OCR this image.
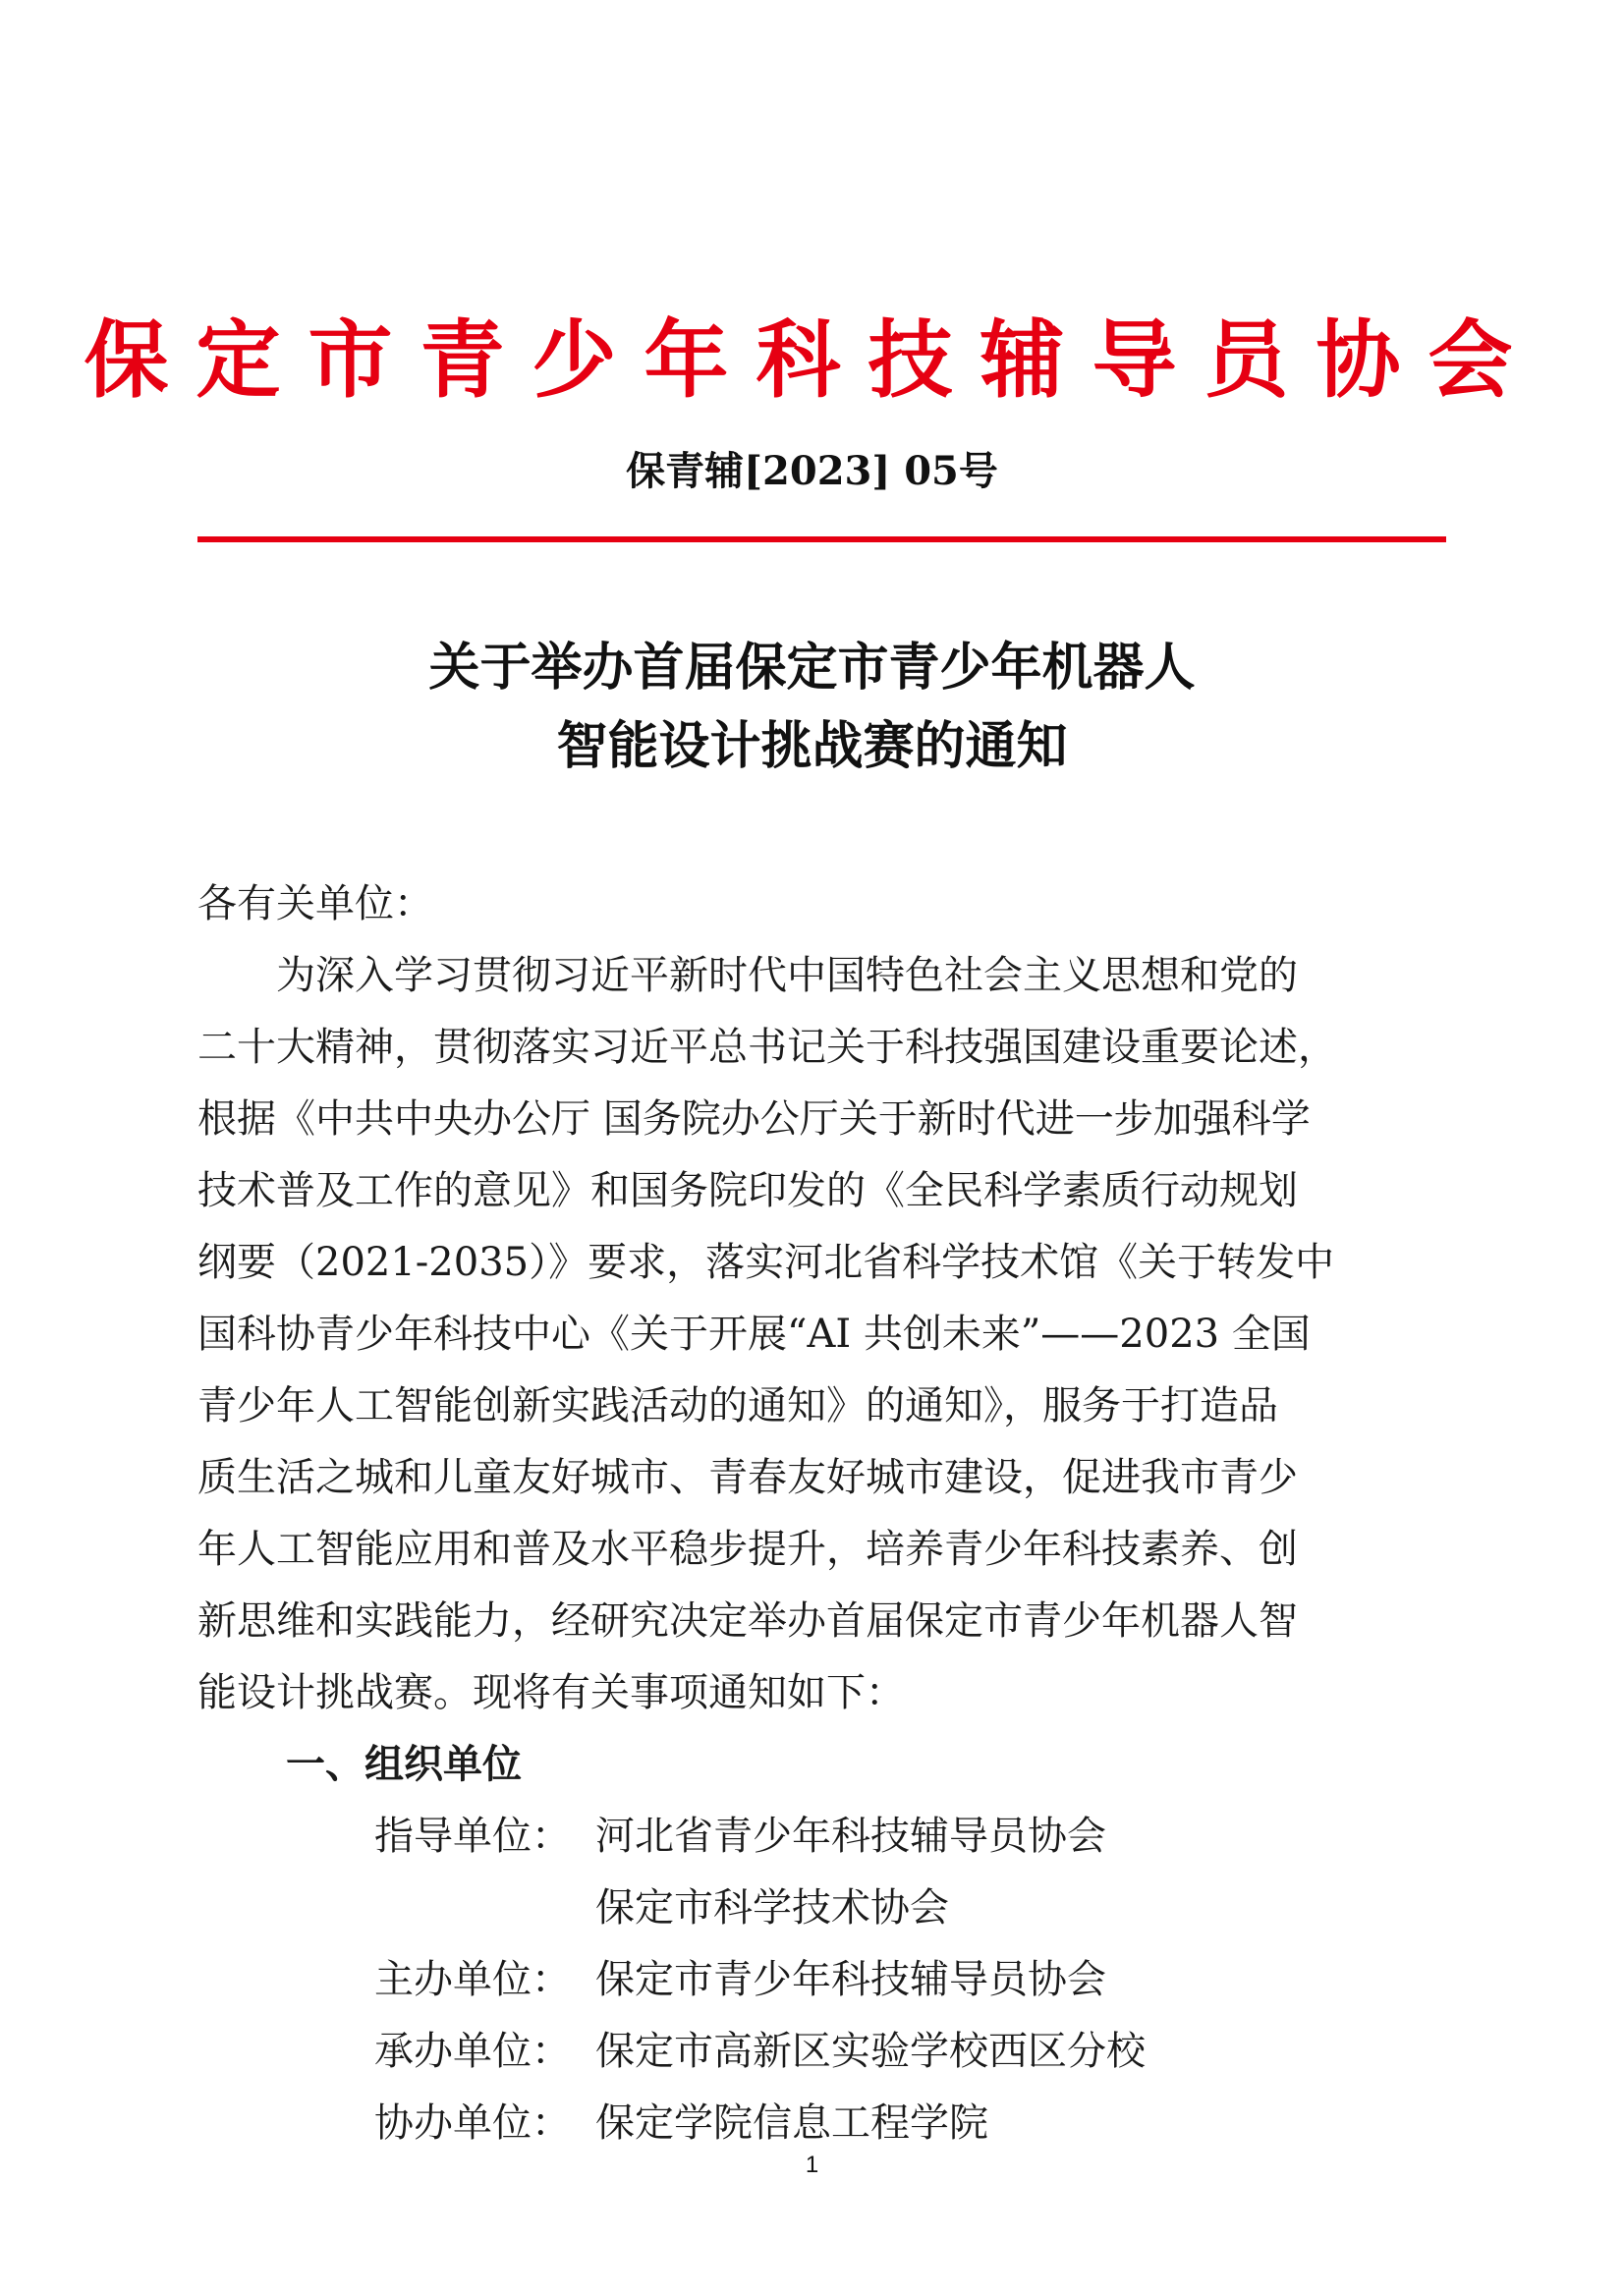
保定市青少年科技辅导员协会
保青辅[2023] 05号
关于举办首届保定市青少年机器人
智能设计挑战赛的通知
各有关单位：
为深入学习贯彻习近平新时代中国特色社会主义思想和党的
二十大精神，贯彻落实习近平总书记关于科技强国建设重要论述，
根据《中共中央办公厅 国务院办公厅关于新时代进一步加强科学
技术普及工作的意见》和国务院印发的《全民科学素质行动规划
纲要（2021-2035）》要求，落实河北省科学技术馆《关于转发中
国科协青少年科技中心《关于开展“AI 共创未来”——2023 全国
青少年人工智能创新实践活动的通知》的通知》，服务于打造品
质生活之城和儿童友好城市、青春友好城市建设，促进我市青少
年人工智能应用和普及水平稳步提升，培养青少年科技素养、创
新思维和实践能力，经研究决定举办首届保定市青少年机器人智
能设计挑战赛。现将有关事项通知如下：
一、组织单位
指导单位： 河北省青少年科技辅导员协会
保定市科学技术协会
主办单位： 保定市青少年科技辅导员协会
承办单位： 保定市高新区实验学校西区分校
协办单位： 保定学院信息工程学院
1
